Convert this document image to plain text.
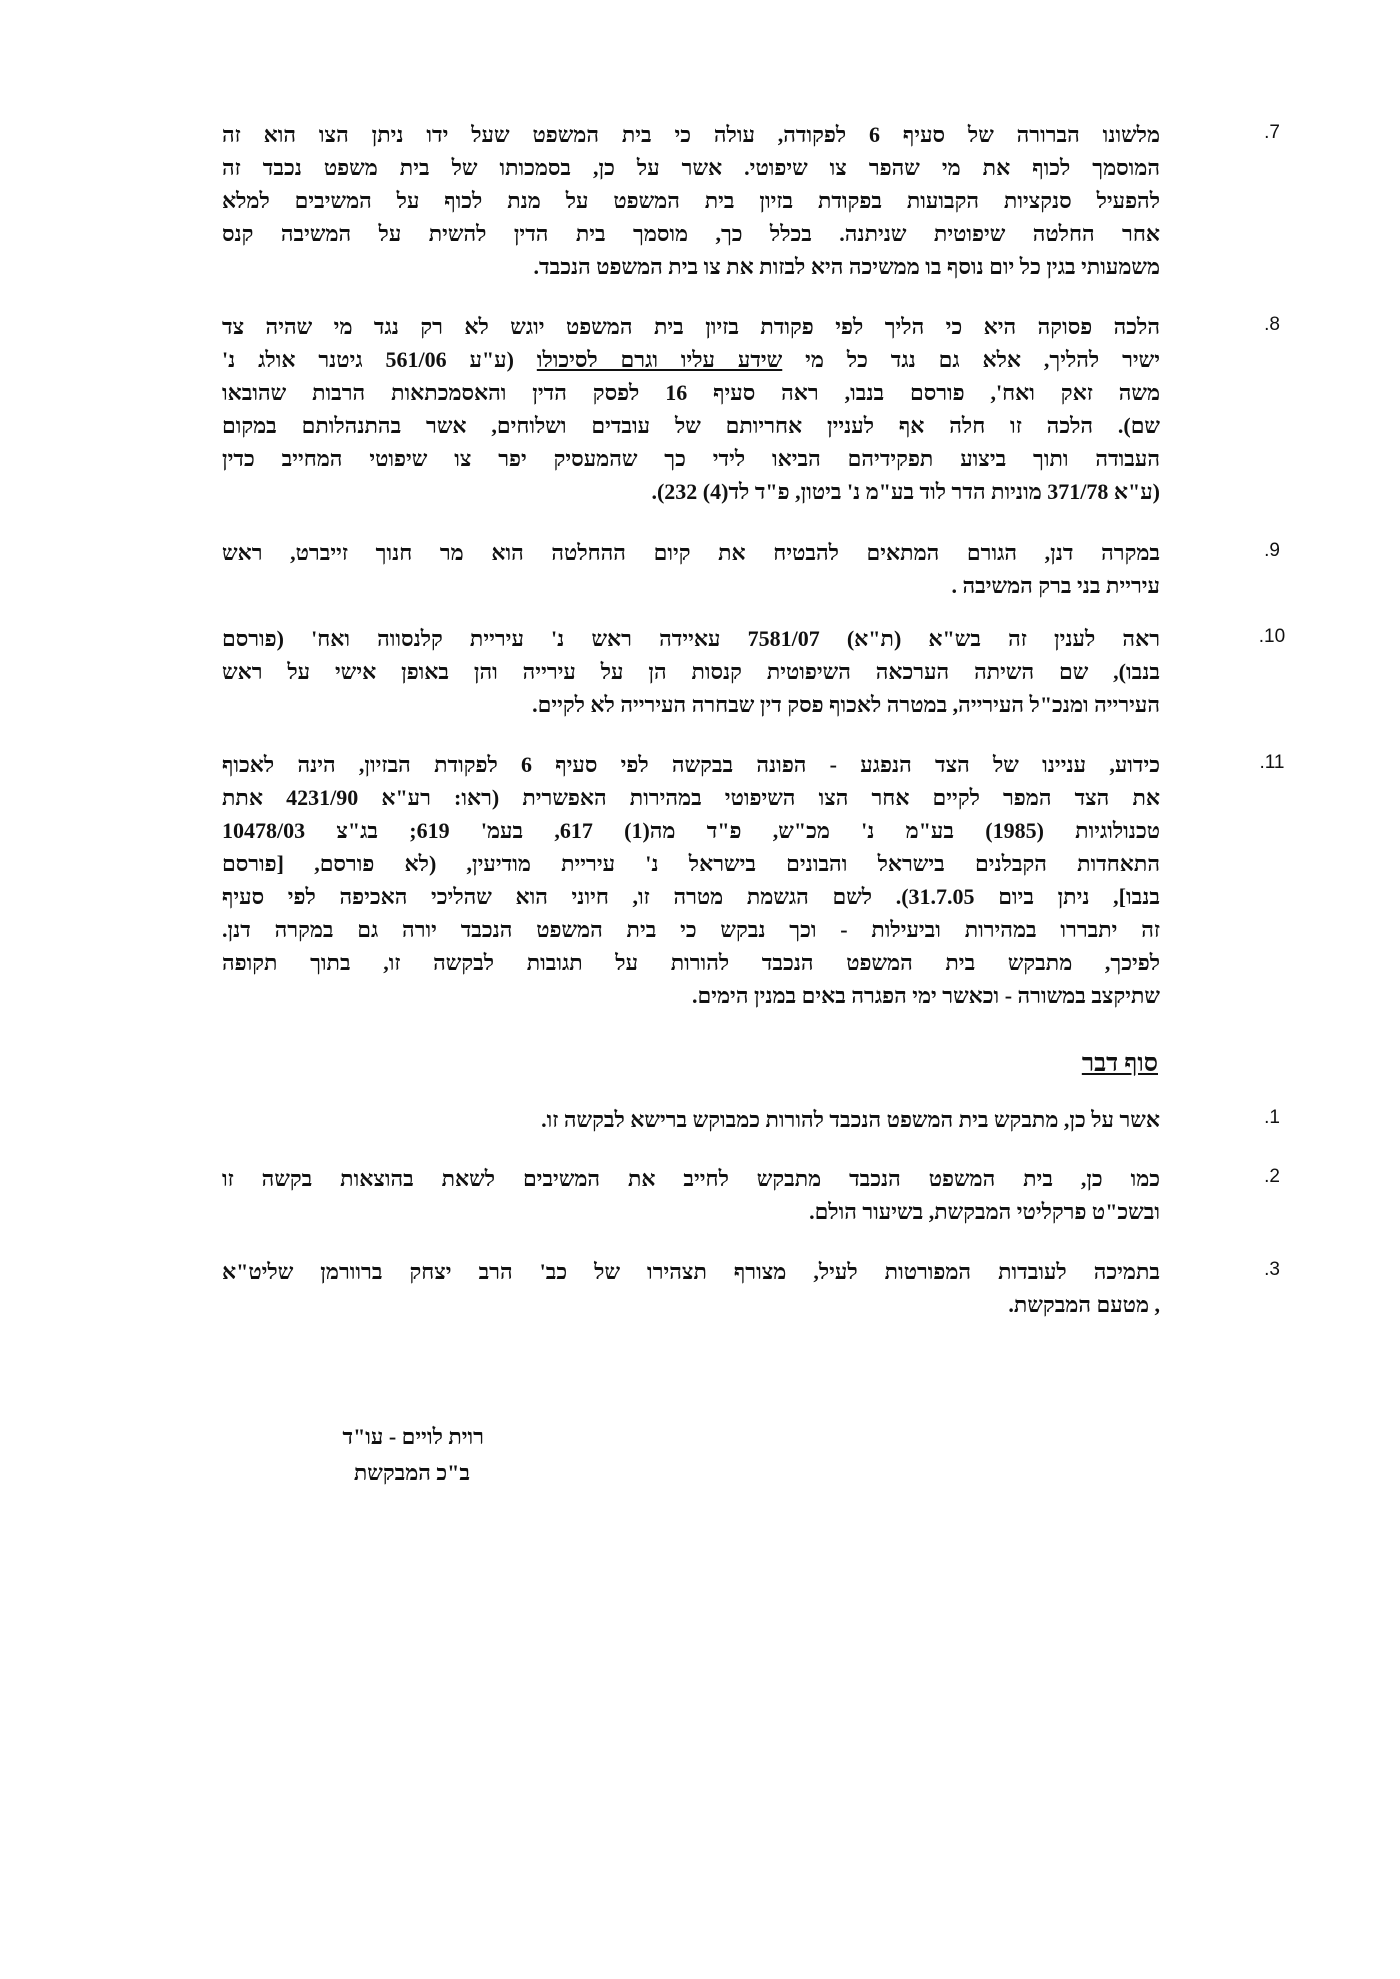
.7
מלשונו הברורה של סעיף 6 לפקודה, עולה כי בית המשפט שעל ידו ניתן הצו הוא זה
המוסמך לכוף את מי שהפר צו שיפוטי. אשר על כן, בסמכותו של בית משפט נכבד זה
להפעיל סנקציות הקבועות בפקודת בזיון בית המשפט על מנת לכוף על המשיבים למלא
אחר החלטה שיפוטית שניתנה. בכלל כך, מוסמך בית הדין להשית על המשיבה קנס
משמעותי בגין כל יום נוסף בו ממשיכה היא לבזות את צו בית המשפט הנכבד.
.8
הלכה פסוקה היא כי הליך לפי פקודת בזיון בית המשפט יוגש לא רק נגד מי שהיה צד
ישיר להליך, אלא גם נגד כל מי שידע עליו וגרם לסיכולו (ע"ע 561/06 גיטנר אולג נ'
משה זאק ואח', פורסם בנבו, ראה סעיף 16 לפסק הדין והאסמכתאות הרבות שהובאו
שם). הלכה זו חלה אף לעניין אחריותם של עובדים ושלוחים, אשר בהתנהלותם במקום
העבודה ותוך ביצוע תפקידיהם הביאו לידי כך שהמעסיק יפר צו שיפוטי המחייב כדין
(ע"א 371/78 מוניות הדר לוד בע"מ נ' ביטון, פ"ד לד(4) 232).
.9
במקרה דנן, הגורם המתאים להבטיח את קיום ההחלטה הוא מר חנוך זייברט, ראש
עיריית בני ברק המשיבה .
.10
ראה לענין זה בש"א (ת"א) 7581/07 עאיידה ראש נ' עיריית קלנסווה ואח' (פורסם
בנבו), שם השיתה הערכאה השיפוטית קנסות הן על עירייה והן באופן אישי על ראש
העירייה ומנכ"ל העירייה, במטרה לאכוף פסק דין שבחרה העירייה לא לקיים.
.11
כידוע, עניינו של הצד הנפגע - הפונה בבקשה לפי סעיף 6 לפקודת הבזיון, הינה לאכוף
את הצד המפר לקיים אחר הצו השיפוטי במהירות האפשרית (ראו: רע"א 4231/90 אתת
טכנולוגיות (1985) בע"מ נ' מכ"ש, פ"ד מה(1) 617, בעמ' 619; בג"צ 10478/03
התאחדות הקבלנים בישראל והבונים בישראל נ' עיריית מודיעין, (לא פורסם, [פורסם
בנבו], ניתן ביום 31.7.05). לשם הגשמת מטרה זו, חיוני הוא שהליכי האכיפה לפי סעיף
זה יתבררו במהירות וביעילות - וכך נבקש כי בית המשפט הנכבד יורה גם במקרה דנן.
לפיכך, מתבקש בית המשפט הנכבד להורות על תגובות לבקשה זו, בתוך תקופה
שתיקצב במשורה - וכאשר ימי הפגרה באים במנין הימים.
.1
אשר על כן, מתבקש בית המשפט הנכבד להורות כמבוקש ברישא לבקשה זו.
.2
כמו כן, בית המשפט הנכבד מתבקש לחייב את המשיבים לשאת בהוצאות בקשה זו
ובשכ"ט פרקליטי המבקשת, בשיעור הולם.
.3
בתמיכה לעובדות המפורטות לעיל, מצורף תצהירו של כב' הרב יצחק ברוורמן שליט"א
, מטעם המבקשת.
סוף דבר
רוית לויים - עו"ד
ב"כ המבקשת
